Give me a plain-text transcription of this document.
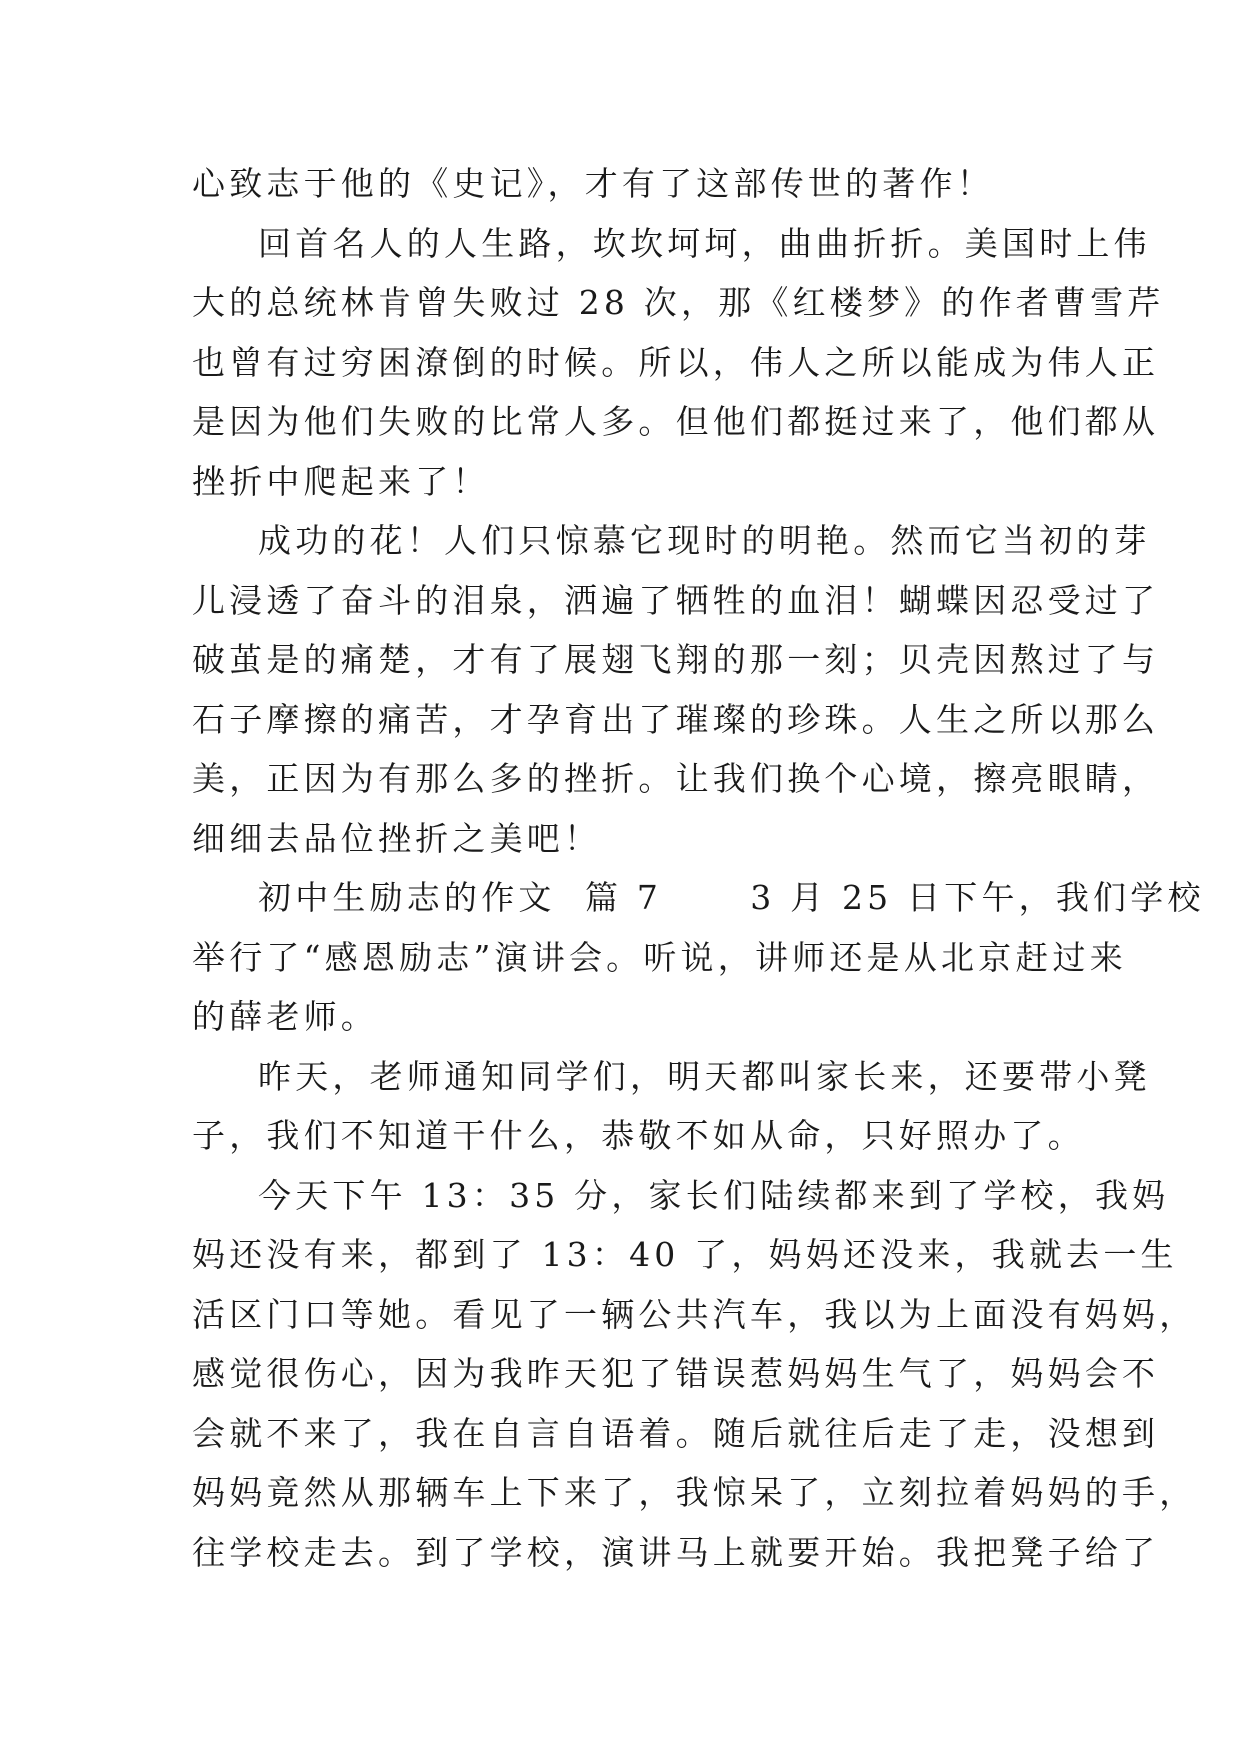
心致志于他的《史记》，才有了这部传世的著作！
回首名人的人生路，坎坎坷坷，曲曲折折。美国时上伟
大的总统林肯曾失败过 28 次，那《红楼梦》的作者曹雪芹
也曾有过穷困潦倒的时候。所以，伟人之所以能成为伟人正
是因为他们失败的比常人多。但他们都挺过来了，他们都从
挫折中爬起来了！
成功的花！人们只惊慕它现时的明艳。然而它当初的芽
儿浸透了奋斗的泪泉，洒遍了牺牲的血泪！蝴蝶因忍受过了
破茧是的痛楚，才有了展翅飞翔的那一刻；贝壳因熬过了与
石子摩擦的痛苦，才孕育出了璀璨的珍珠。人生之所以那么
美，正因为有那么多的挫折。让我们换个心境，擦亮眼睛，
细细去品位挫折之美吧！
初中生励志的作文  篇 7      3 月 25 日下午，我们学校
举行了“感恩励志”演讲会。听说，讲师还是从北京赶过来
的薛老师。
昨天，老师通知同学们，明天都叫家长来，还要带小凳
子，我们不知道干什么，恭敬不如从命，只好照办了。
今天下午 13：35 分，家长们陆续都来到了学校，我妈
妈还没有来，都到了 13：40 了，妈妈还没来，我就去一生
活区门口等她。看见了一辆公共汽车，我以为上面没有妈妈，
感觉很伤心，因为我昨天犯了错误惹妈妈生气了，妈妈会不
会就不来了，我在自言自语着。随后就往后走了走，没想到
妈妈竟然从那辆车上下来了，我惊呆了，立刻拉着妈妈的手，
往学校走去。到了学校，演讲马上就要开始。我把凳子给了
